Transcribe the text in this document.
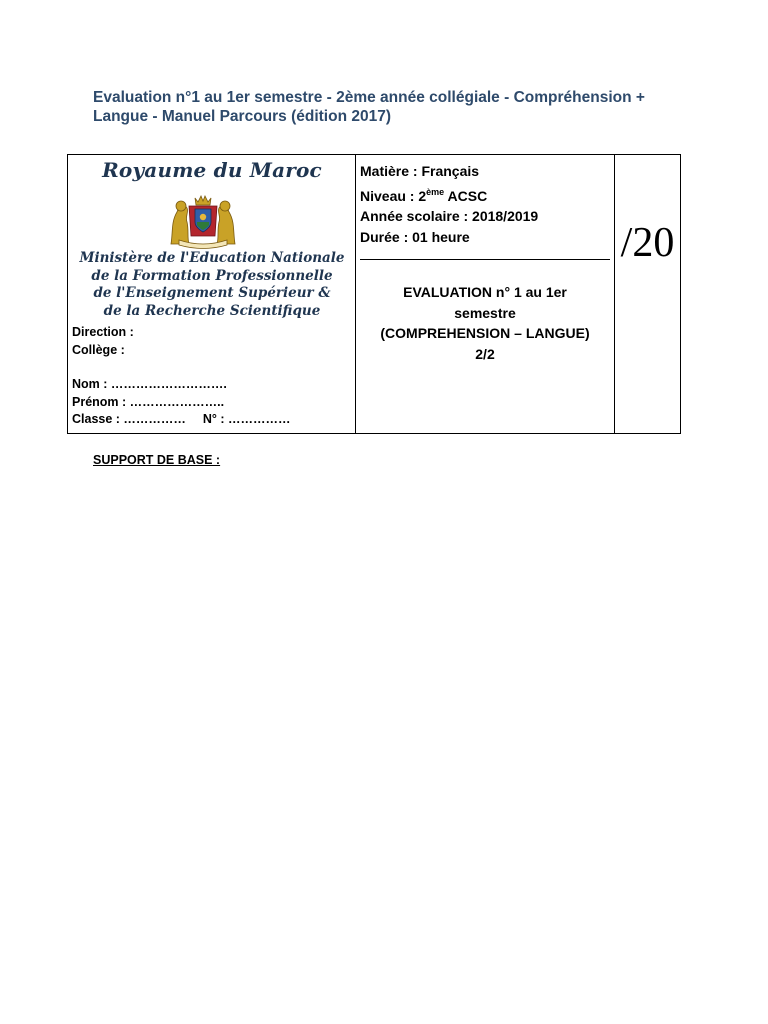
Evaluation n°1 au 1er semestre - 2ème année collégiale - Compréhension +
Langue - Manuel Parcours (édition 2017)
Royaume du Maroc
Ministère de l'Education Nationale
de la Formation Professionnelle
de l'Enseignement Supérieur &
de la Recherche Scientifique
Direction :
Collège :
Nom : ……………………….
Prénom : …………………..
Classe : …………… N° : ……………
Matière : Français
Niveau : 2ème ACSC
Année scolaire : 2018/2019
Durée : 01 heure
EVALUATION n° 1 au 1er
semestre
(COMPREHENSION – LANGUE)
2/2
/20
SUPPORT DE BASE :
